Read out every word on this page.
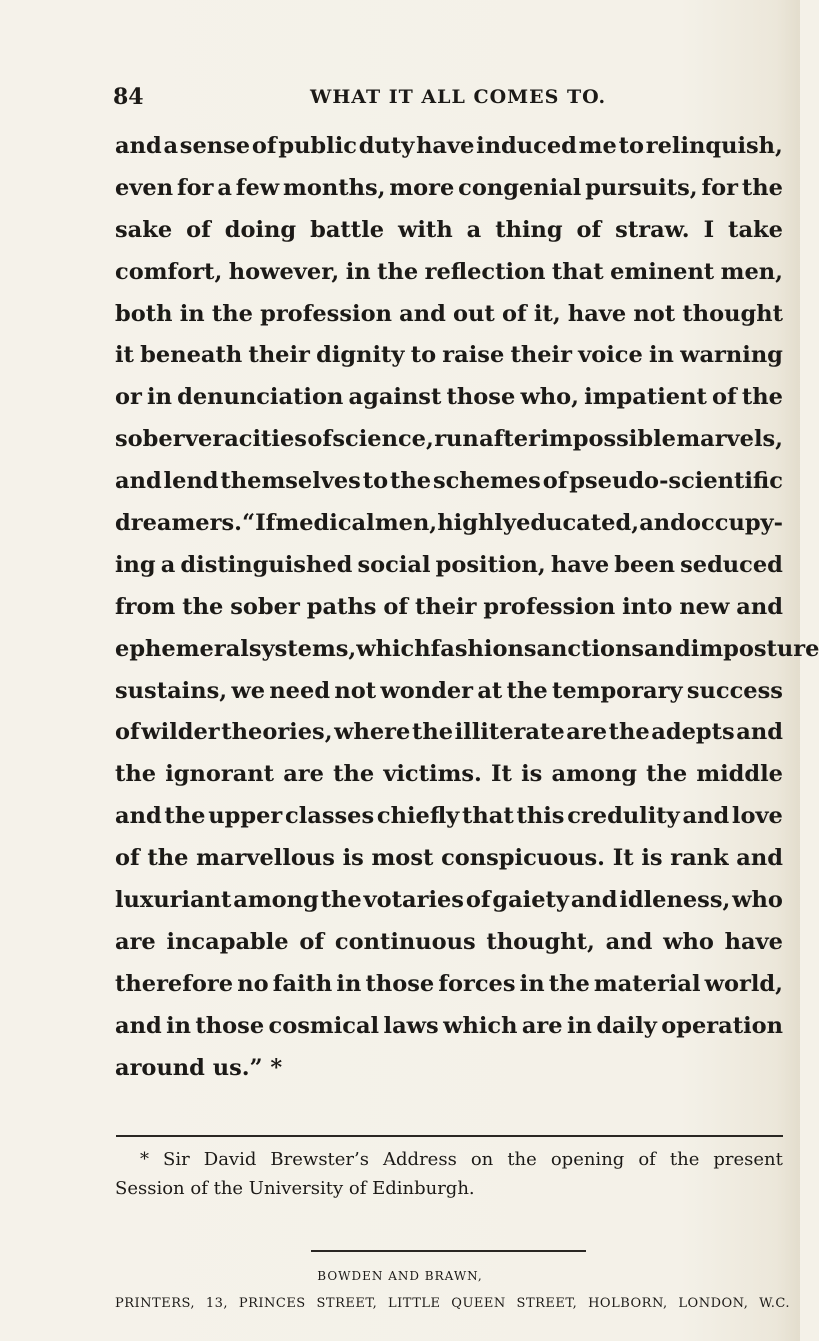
84	WHAT IT ALL COMES TO.
and a sense of public duty have induced me to relinquish,
even for a few months, more congenial pursuits, for the
sake of doing battle with a thing of straw. I take
comfort, however, in the reflection that eminent men,
both in the profession and out of it, have not thought
it beneath their dignity to raise their voice in warning
or in denunciation against those who, impatient of the
sober veracities of science, run after impossible marvels,
and lend themselves to the schemes of pseudo-scientific
dreamers. “If medical men, highly educated, and occupy-
ing a distinguished social position, have been seduced
from the sober paths of their profession into new and
ephemeral systems, which fashion sanctions and imposture
sustains, we need not wonder at the temporary success
of wilder theories, where the illiterate are the adepts and
the ignorant are the victims. It is among the middle
and the upper classes chiefly that this credulity and love
of the marvellous is most conspicuous. It is rank and
luxuriant among the votaries of gaiety and idleness, who
are incapable of continuous thought, and who have
therefore no faith in those forces in the material world,
and in those cosmical laws which are in daily operation
around us.” *
* Sir David Brewster’s Address on the opening of the present
Session of the University of Edinburgh.
BOWDEN AND BRAWN,
PRINTERS, 13, PRINCES STREET, LITTLE QUEEN STREET, HOLBORN, LONDON, W.C.
